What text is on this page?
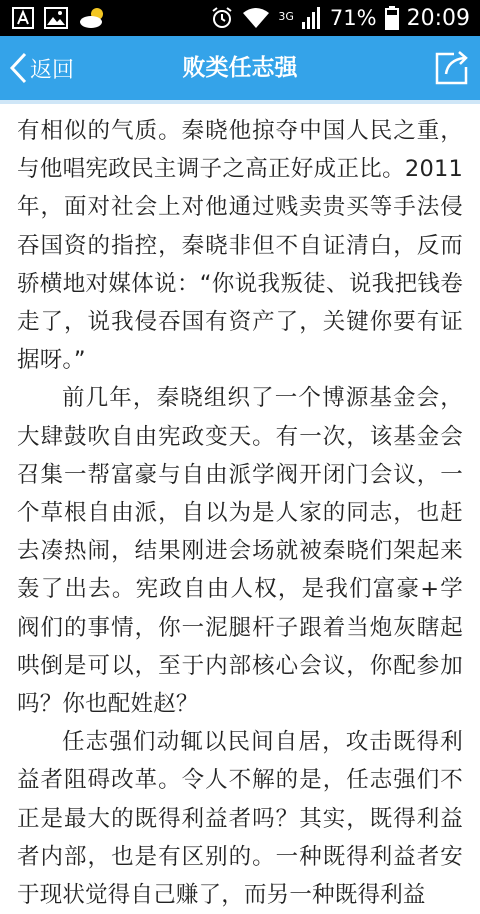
3G 71% 20:09
返回	败类任志强

有相似的气质。秦晓他掠夺中国人民之重，与他唱宪政民主调子之高正好成正比。2011年，面对社会上对他通过贱卖贵买等手法侵吞国资的指控，秦晓非但不自证清白，反而骄横地对媒体说：“你说我叛徒、说我把钱卷走了，说我侵吞国有资产了，关键你要有证据呀。”

前几年，秦晓组织了一个博源基金会，大肆鼓吹自由宪政变天。有一次，该基金会召集一帮富豪与自由派学阀开闭门会议，一个草根自由派，自以为是人家的同志，也赶去凑热闹，结果刚进会场就被秦晓们架起来轰了出去。宪政自由人权，是我们富豪+学阀们的事情，你一泥腿杆子跟着当炮灰瞎起哄倒是可以，至于内部核心会议，你配参加吗？你也配姓赵？

任志强们动辄以民间自居，攻击既得利益者阻碍改革。令人不解的是，任志强们不正是最大的既得利益者吗？其实，既得利益者内部，也是有区别的。一种既得利益者安于现状觉得自己赚了，而另一种既得利益
